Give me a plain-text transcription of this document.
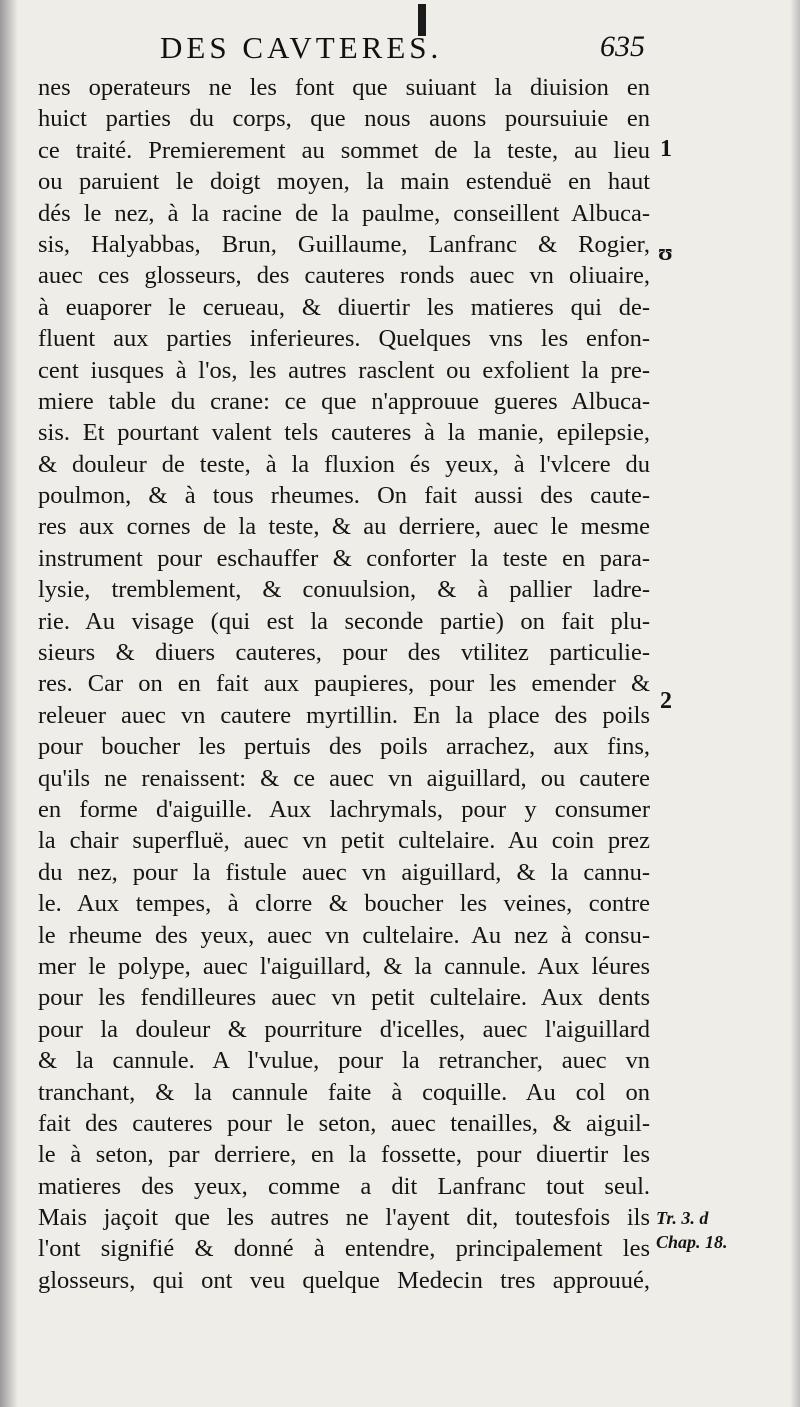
DES CAVTERES.	635
nes operateurs ne les font que suiuant la diuision en
huict parties du corps, que nous auons poursuiuie en
ce traité. Premierement au sommet de la teste, au lieu
ou paruient le doigt moyen, la main estenduë en haut
dés le nez, à la racine de la paulme, conseillent Albuca-
sis, Halyabbas, Brun, Guillaume, Lanfranc & Rogier,
auec ces glosseurs, des cauteres ronds auec vn oliuaire,
à euaporer le cerueau, & diuertir les matieres qui de-
fluent aux parties inferieures. Quelques vns les enfon-
cent iusques à l'os, les autres rasclent ou exfolient la pre-
miere table du crane: ce que n'approuue gueres Albuca-
sis. Et pourtant valent tels cauteres à la manie, epilepsie,
& douleur de teste, à la fluxion és yeux, à l'vlcere du
poulmon, & à tous rheumes. On fait aussi des caute-
res aux cornes de la teste, & au derriere, auec le mesme
instrument pour eschauffer & conforter la teste en para-
lysie, tremblement, & conuulsion, & à pallier ladre-
rie. Au visage (qui est la seconde partie) on fait plu-
sieurs & diuers cauteres, pour des vtilitez particulie-
res. Car on en fait aux paupieres, pour les emender &
releuer auec vn cautere myrtillin. En la place des poils
pour boucher les pertuis des poils arrachez, aux fins,
qu'ils ne renaissent: & ce auec vn aiguillard, ou cautere
en forme d'aiguille. Aux lachrymals, pour y consumer
la chair superfluë, auec vn petit cultelaire. Au coin prez
du nez, pour la fistule auec vn aiguillard, & la cannu-
le. Aux tempes, à clorre & boucher les veines, contre
le rheume des yeux, auec vn cultelaire. Au nez à consu-
mer le polype, auec l'aiguillard, & la cannule. Aux léures
pour les fendilleures auec vn petit cultelaire. Aux dents
pour la douleur & pourriture d'icelles, auec l'aiguillard
& la cannule. A l'vulue, pour la retrancher, auec vn
tranchant, & la cannule faite à coquille. Au col on
fait des cauteres pour le seton, auec tenailles, & aiguil-
le à seton, par derriere, en la fossette, pour diuertir les
matieres des yeux, comme a dit Lanfranc tout seul.
Mais jaçoit que les autres ne l'ayent dit, toutesfois ils
l'ont signifié & donné à entendre, principalement les
glosseurs, qui ont veu quelque Medecin tres approuué,
1
ʊ
2
Tr. 3. d
Chap. 18.
